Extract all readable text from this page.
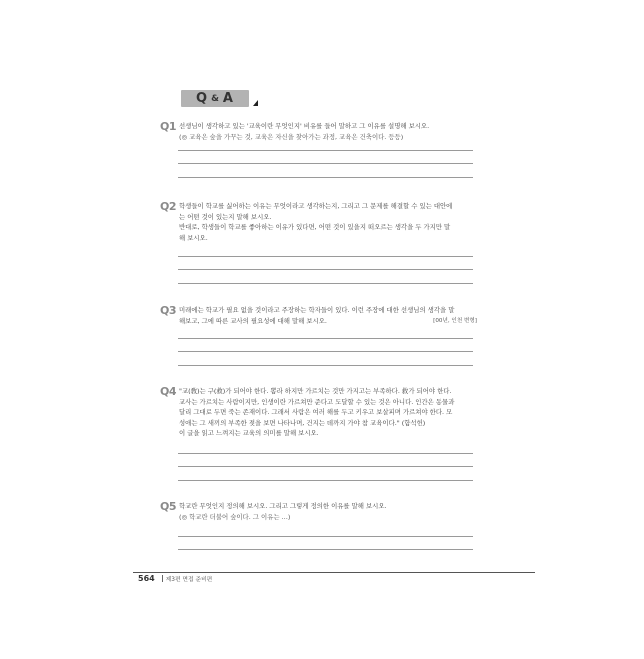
Q & A
Q1 선생님이 생각하고 있는 '교육이란 무엇인지' 비유를 들어 말하고 그 이유를 설명해 보시오.

(◎ 교육은 숲을 가꾸는 것, 교육은 자신을 찾아가는 과정, 교육은 건축이다. 등등)

Q2 학생들이 학교를 싫어하는 이유는 무엇이라고 생각하는지, 그리고 그 문제를 해결할 수 있는 대안에

는 어떤 것이 있는지 말해 보시오.

반대로, 학생들이 학교를 좋아하는 이유가 있다면, 어떤 것이 있을지 떠오르는 생각을 두 가지만 말

해 보시오.

Q3 미래에는 학교가 필요 없을 것이라고 주장하는 학자들이 있다. 이런 주장에 대한 선생님의 생각을 말

해보고, 그에 따른 교사의 필요성에 대해 말해 보시오.	[00년, 인천 변형]

Q4 "교(敎)는 구(救)가 되어야 한다. 뽐라 하지만 가르치는 것만 가지고는 부족하다. 救가 되어야 한다.

교사는 가르치는 사람이지만, 인생이란 가르쳐만 준다고 도달할 수 있는 것은 아니다. 인간은 동물과

달리 그대로 두면 죽는 존재이다. 그래서 사람은 여러 해를 두고 키우고 보살피며 가르쳐야 한다. 모

성애는 그 새끼의 부족한 젖을 보면 나타나며, 건지는 데까지 가야 참 교육이다." (함석헌)

이 글을 읽고 느껴지는 교육의 의미를 말해 보시오.

Q5 학교란 무엇인지 정의해 보시오. 그리고 그렇게 정의한 이유를 말해 보시오.

(◎ 학교란 더불어 숲이다. 그 이유는 …)

564 제3편 면접 준비편
